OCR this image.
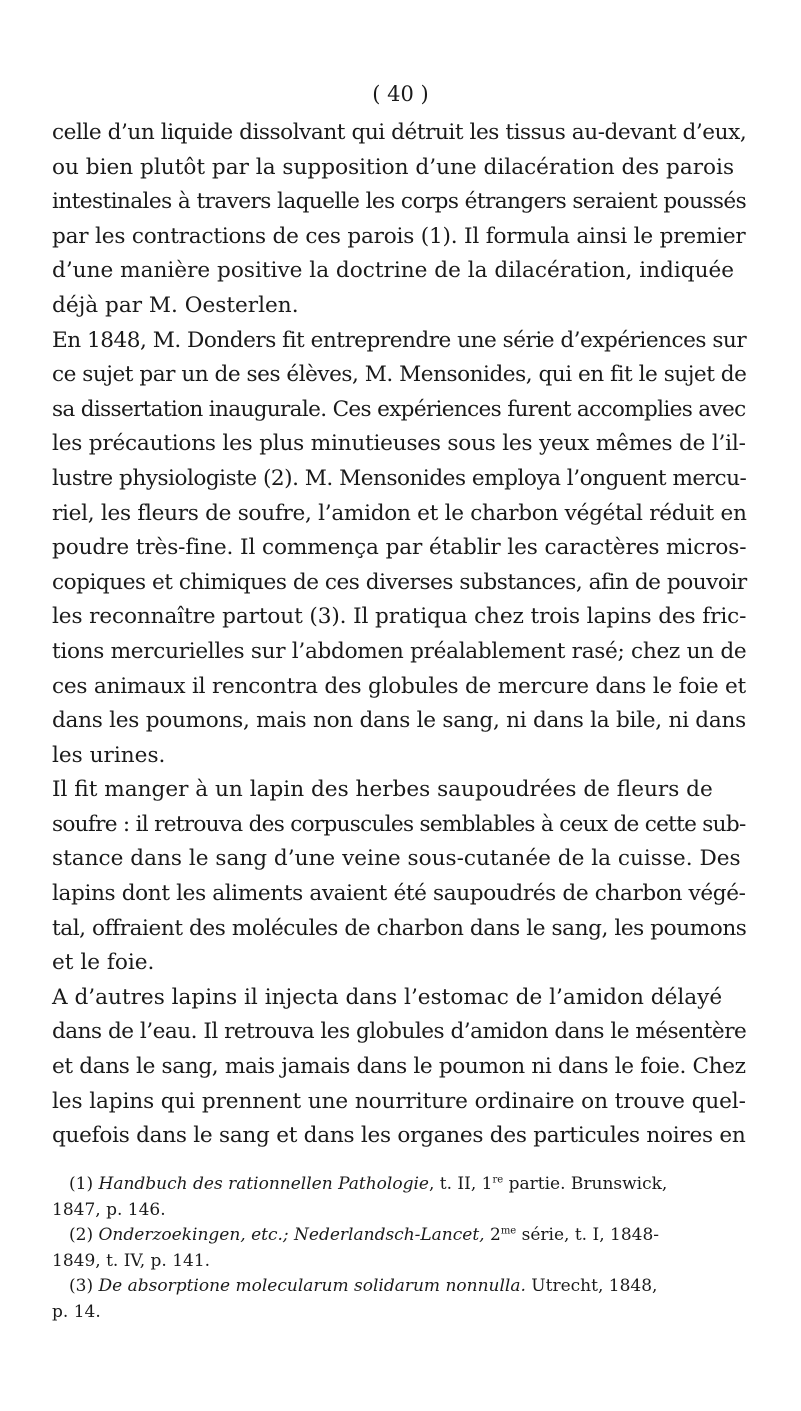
( 40 )
celle d’un liquide dissolvant qui détruit les tissus au-devant d’eux,
ou bien plutôt par la supposition d’une dilacération des parois
intestinales à travers laquelle les corps étrangers seraient poussés
par les contractions de ces parois (1). Il formula ainsi le premier
d’une manière positive la doctrine de la dilacération, indiquée
déjà par M. Oesterlen.
En 1848, M. Donders fit entreprendre une série d’expériences sur
ce sujet par un de ses élèves, M. Mensonides, qui en fit le sujet de
sa dissertation inaugurale. Ces expériences furent accomplies avec
les précautions les plus minutieuses sous les yeux mêmes de l’il-
lustre physiologiste (2). M. Mensonides employa l’onguent mercu-
riel, les fleurs de soufre, l’amidon et le charbon végétal réduit en
poudre très-fine. Il commença par établir les caractères micros-
copiques et chimiques de ces diverses substances, afin de pouvoir
les reconnaître partout (3). Il pratiqua chez trois lapins des fric-
tions mercurielles sur l’abdomen préalablement rasé; chez un de
ces animaux il rencontra des globules de mercure dans le foie et
dans les poumons, mais non dans le sang, ni dans la bile, ni dans
les urines.
Il fit manger à un lapin des herbes saupoudrées de fleurs de
soufre : il retrouva des corpuscules semblables à ceux de cette sub-
stance dans le sang d’une veine sous-cutanée de la cuisse. Des
lapins dont les aliments avaient été saupoudrés de charbon végé-
tal, offraient des molécules de charbon dans le sang, les poumons
et le foie.
A d’autres lapins il injecta dans l’estomac de l’amidon délayé
dans de l’eau. Il retrouva les globules d’amidon dans le mésentère
et dans le sang, mais jamais dans le poumon ni dans le foie. Chez
les lapins qui prennent une nourriture ordinaire on trouve quel-
quefois dans le sang et dans les organes des particules noires en
 (1) Handbuch des rationnellen Pathologie, t. II, 1re partie. Brunswick,
1847, p. 146.
 (2) Onderzoekingen, etc.; Nederlandsch-Lancet, $2^{me}$ série, t. I, 1848-
1849, t. IV, p. 141.
 (3) De absorptione molecularum solidarum nonnulla. Utrecht, 1848,
p. 14.
